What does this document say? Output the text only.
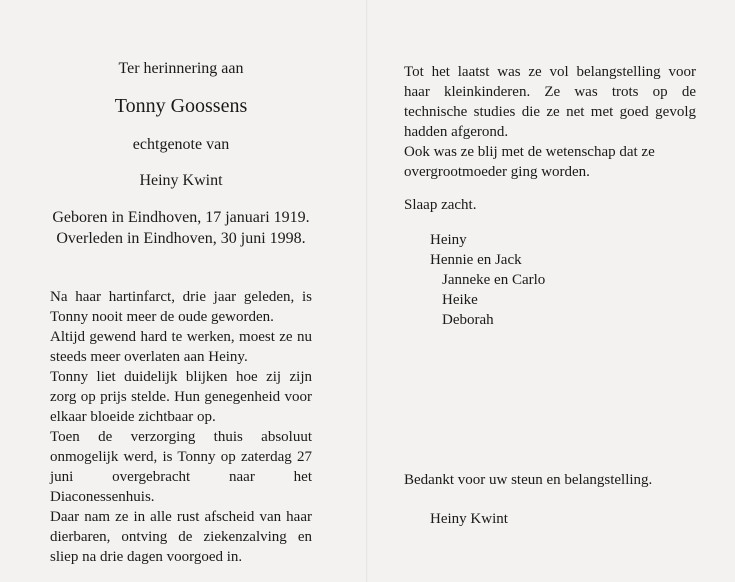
Ter herinnering aan
Tonny Goossens
echtgenote van
Heiny Kwint
Geboren in Eindhoven, 17 januari 1919.
Overleden in Eindhoven, 30 juni 1998.
Na haar hartinfarct, drie jaar geleden, is Tonny nooit meer de oude geworden.
Altijd gewend hard te werken, moest ze nu steeds meer overlaten aan Heiny.
Tonny liet duidelijk blijken hoe zij zijn zorg op prijs stelde. Hun genegenheid voor elkaar bloeide zichtbaar op.
Toen de verzorging thuis absoluut onmogelijk werd, is Tonny op zaterdag 27 juni overgebracht naar het Diaconessenhuis.
Daar nam ze in alle rust afscheid van haar dierbaren, ontving de ziekenzalving en sliep na drie dagen voorgoed in.
Tot het laatst was ze vol belangstelling voor haar kleinkinderen. Ze was trots op de technische studies die ze net met goed gevolg hadden afgerond.
Ook was ze blij met de wetenschap dat ze overgrootmoeder ging worden.
Slaap zacht.
Heiny
Hennie en Jack
Janneke en Carlo
Heike
Deborah
Bedankt voor uw steun en belangstelling.
Heiny Kwint
